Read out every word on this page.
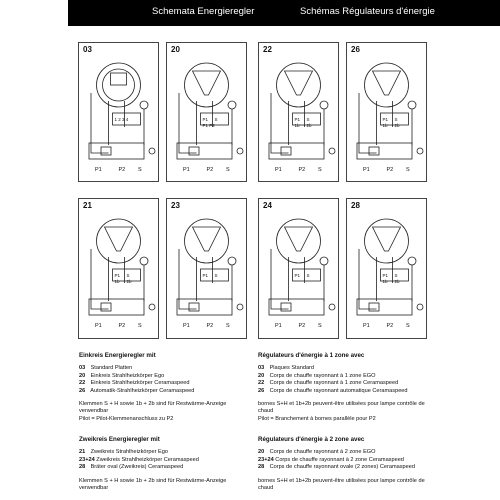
Schemata Energieregler	Schémas Régulateurs d'énergie
03
P1	P2 S
1 2 3 4
20
P1	P2 S
P1 S
P1 P2
22
P1	P2 S
P1 S
1b 2b
26
P1	P2 S
P1 S
1b 2b
21
P1	P2 S
P1 S
1b 2b
23
P1	P2 S
P1 S
24
P1	P2 S
P1 S
28
P1	P2 S
P1 S
1b 2b
Einkreis Energieregler mit
03 Standard Platten
20 Einkreis Strahlheizkörper Ego
22 Einkreis Strahlheizkörper Ceramaspeed
26 Automatik-Strahlheizkörper Ceramaspeed
Klemmen S + H sowie 1b + 2b sind für Restwärme-Anzeige verwendbar
Pilot = Pilot-Klemmenanschluss zu P2
Régulateurs d'énergie à 1 zone avec
03 Plaques Standard
20 Corps de chauffe rayonnant à 1 zone EGO
22 Corps de chauffe rayonnant à 1 zone Ceramaspeed
26 Corps de chauffe rayonnant automatique Ceramaspeed
bornes S+H et 1b+2b peuvent-être utilisées pour lampe contrôle de chaud
Pilot = Branchement à bornes parallèle pour P2
Zweikreis Energieregler mit
21 Zweikreis Strahlheizkörper Ego
23+24 Zweikreis Strahlheizkörper Ceramaspeed
28 Bräter oval (Zweikreis) Ceramaspeed
Klemmen S + H sowie 1b + 2b sind für Restwärme-Anzeige verwendbar
Régulateurs d'énergie à 2 zone avec
20 Corps de chauffe rayonnant à 2 zone EGO
23+24 Corps de chauffe rayonnant à 2 zone Ceramaspeed
28 Corps de chauffe rayonnant ovale (2 zones) Ceramaspeed
bornes S+H et 1b+2b peuvent-être utilisées pour lampe contrôle de chaud
